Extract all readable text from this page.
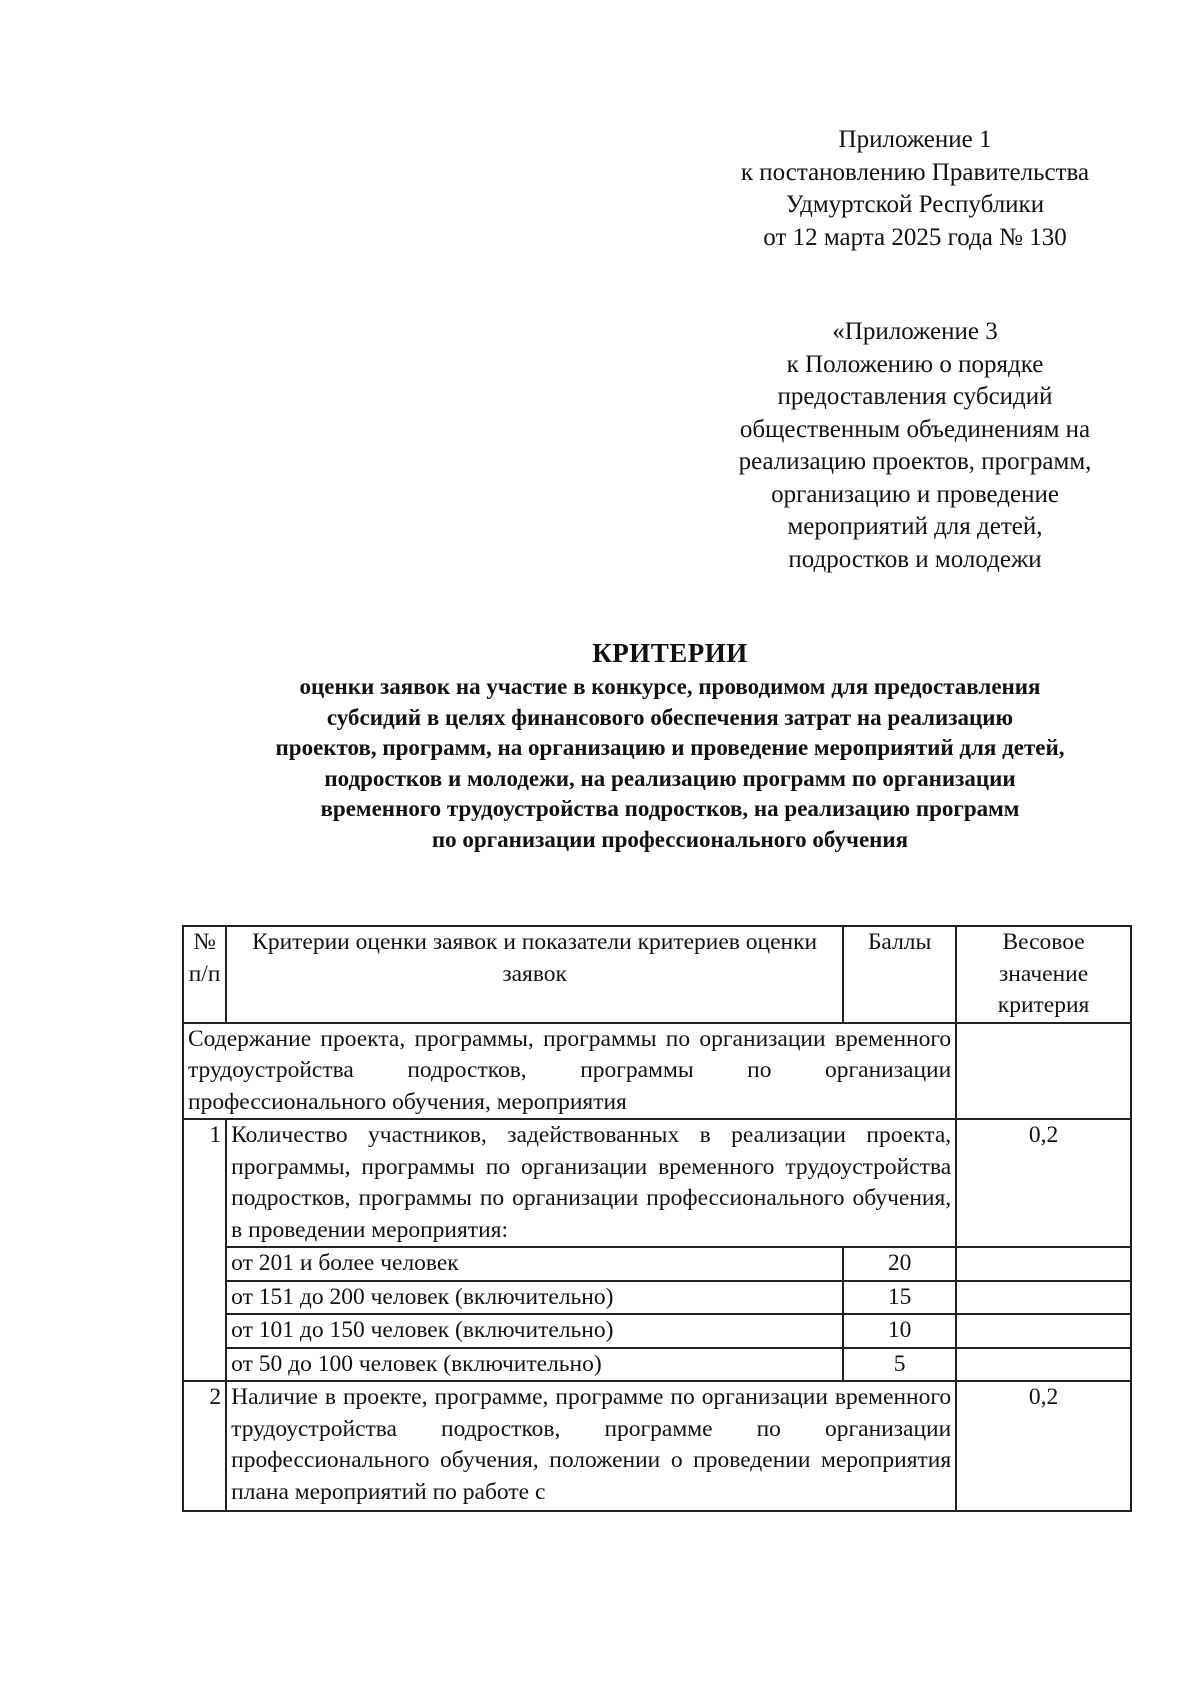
Приложение 1
к постановлению Правительства
Удмуртской Республики
от 12 марта 2025 года № 130
«Приложение 3
к Положению о порядке
предоставления субсидий
общественным объединениям на
реализацию проектов, программ,
организацию и проведение
мероприятий для детей,
подростков и молодежи
КРИТЕРИИ
оценки заявок на участие в конкурсе, проводимом для предоставления
субсидий в целях финансового обеспечения затрат на реализацию
проектов, программ, на организацию и проведение мероприятий для детей,
подростков и молодежи, на реализацию программ по организации
временного трудоустройства подростков, на реализацию программ
по организации профессионального обучения
№ п/п	Критерии оценки заявок и показатели критериев оценки заявок	Баллы	Весовое значение критерия
Содержание проекта, программы, программы по организации временного трудоустройства подростков, программы по организации профессионального обучения, мероприятия			
1	Количество участников, задействованных в реализации проекта, программы, программы по организации временного трудоустройства подростков, программы по организации профессионального обучения, в проведении мероприятия:		0,2
	от 201 и более человек	20	
	от 151 до 200 человек (включительно)	15	
	от 101 до 150 человек (включительно)	10	
	от 50 до 100 человек (включительно)	5	
2	Наличие в проекте, программе, программе по организации временного трудоустройства подростков, программе по организации профессионального обучения, положении о проведении мероприятия плана мероприятий по работе с		0,2
